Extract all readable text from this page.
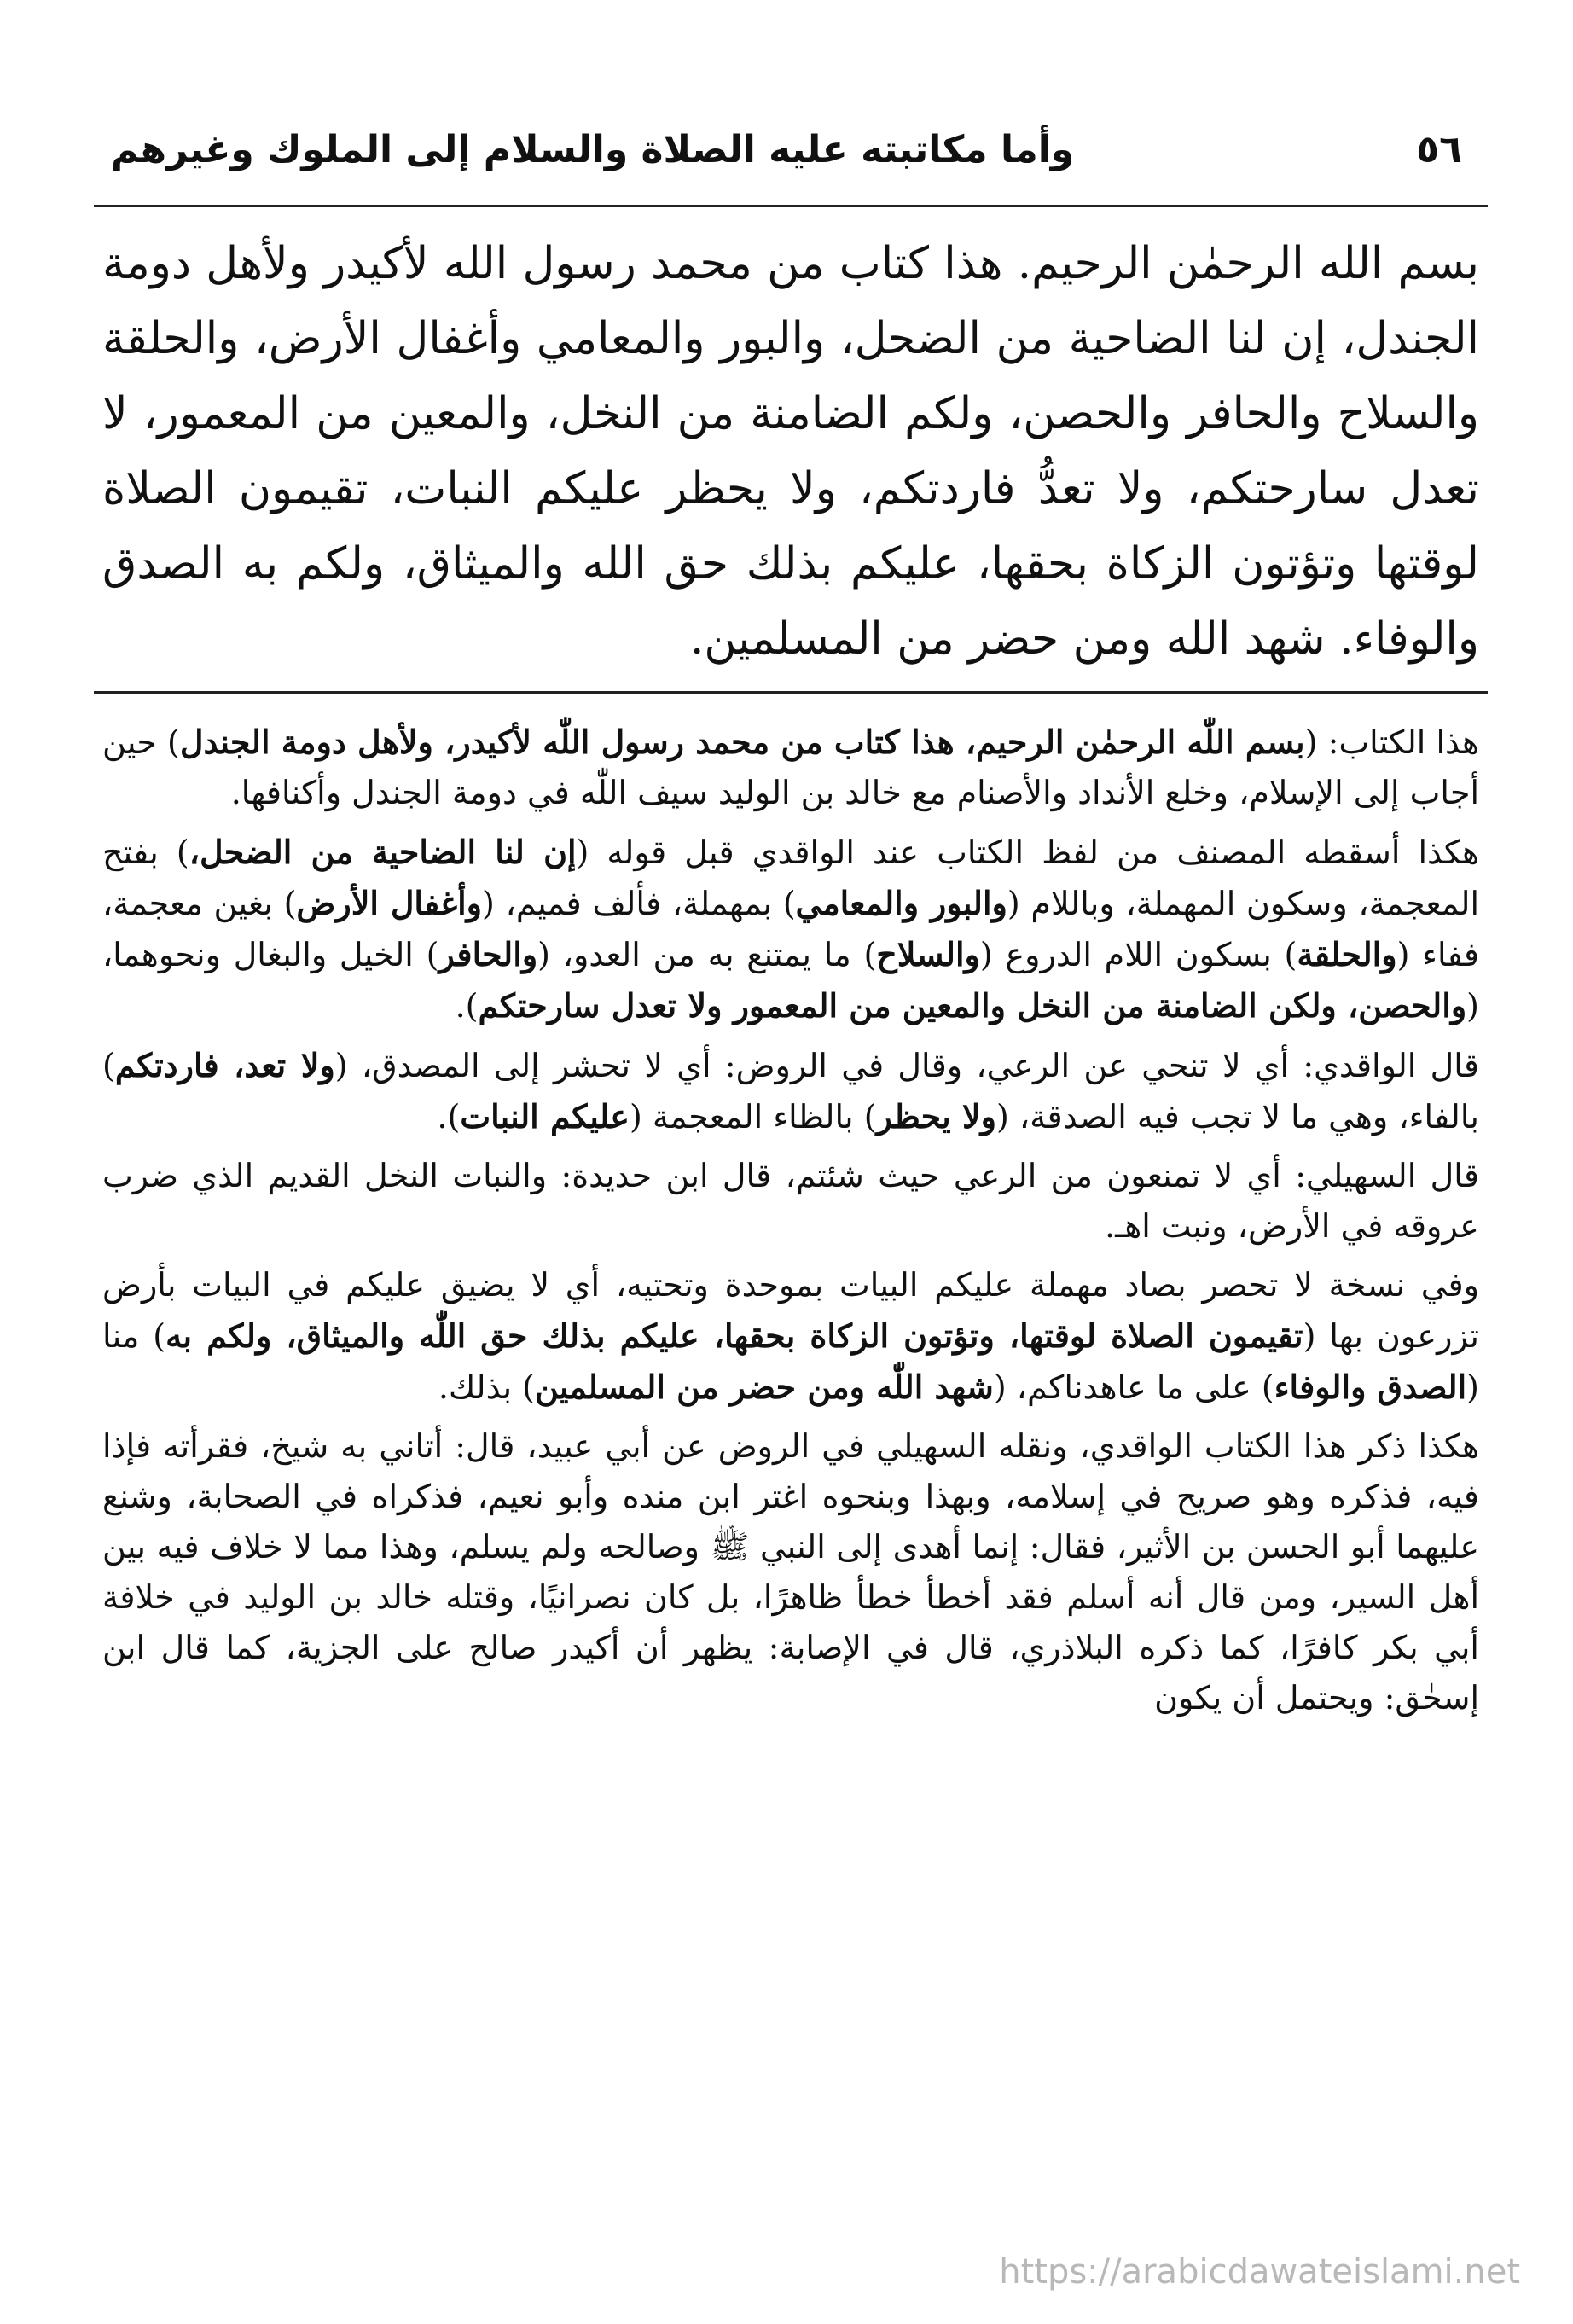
٥٦
وأما مكاتبته عليه الصلاة والسلام إلى الملوك وغيرهم

بسم الله الرحمٰن الرحيم. هذا كتاب من محمد رسول الله لأكيدر ولأهل دومة الجندل، إن لنا الضاحية من الضحل، والبور والمعامي وأغفال الأرض، والحلقة والسلاح والحافر والحصن، ولكم الضامنة من النخل، والمعين من المعمور، لا تعدل سارحتكم، ولا تعدُّ فاردتكم، ولا يحظر عليكم النبات، تقيمون الصلاة لوقتها وتؤتون الزكاة بحقها، عليكم بذلك حق الله والميثاق، ولكم به الصدق والوفاء. شهد الله ومن حضر من المسلمين.

هذا الكتاب: (بسم اللّٰه الرحمٰن الرحيم، هذا كتاب من محمد رسول اللّٰه لأكيدر، ولأهل دومة الجندل) حين أجاب إلى الإسلام، وخلع الأنداد والأصنام مع خالد بن الوليد سيف اللّٰه في دومة الجندل وأكنافها.

هكذا أسقطه المصنف من لفظ الكتاب عند الواقدي قبل قوله (إن لنا الضاحية من الضحل،) بفتح المعجمة، وسكون المهملة، وباللام (والبور والمعامي) بمهملة، فألف فميم، (وأغفال الأرض) بغين معجمة، ففاء (والحلقة) بسكون اللام الدروع (والسلاح) ما يمتنع به من العدو، (والحافر) الخيل والبغال ونحوهما، (والحصن، ولكن الضامنة من النخل والمعين من المعمور ولا تعدل سارحتكم).

قال الواقدي: أي لا تنحي عن الرعي، وقال في الروض: أي لا تحشر إلى المصدق، (ولا تعد، فاردتكم) بالفاء، وهي ما لا تجب فيه الصدقة، (ولا يحظر) بالظاء المعجمة (عليكم النبات).

قال السهيلي: أي لا تمنعون من الرعي حيث شئتم، قال ابن حديدة: والنبات النخل القديم الذي ضرب عروقه في الأرض، ونبت اهـ.

وفي نسخة لا تحصر بصاد مهملة عليكم البيات بموحدة وتحتيه، أي لا يضيق عليكم في البيات بأرض تزرعون بها (تقيمون الصلاة لوقتها، وتؤتون الزكاة بحقها، عليكم بذلك حق اللّٰه والميثاق، ولكم به) منا (الصدق والوفاء) على ما عاهدناكم، (شهد اللّٰه ومن حضر من المسلمين) بذلك.

هكذا ذكر هذا الكتاب الواقدي، ونقله السهيلي في الروض عن أبي عبيد، قال: أتاني به شيخ، فقرأته فإذا فيه، فذكره وهو صريح في إسلامه، وبهذا وبنحوه اغتر ابن منده وأبو نعيم، فذكراه في الصحابة، وشنع عليهما أبو الحسن بن الأثير، فقال: إنما أهدى إلى النبي ﷺ وصالحه ولم يسلم، وهذا مما لا خلاف فيه بين أهل السير، ومن قال أنه أسلم فقد أخطأ خطأ ظاهرًا، بل كان نصرانيًا، وقتله خالد بن الوليد في خلافة أبي بكر كافرًا، كما ذكره البلاذري، قال في الإصابة: يظهر أن أكيدر صالح على الجزية، كما قال ابن إسحٰق: ويحتمل أن يكون

https://arabicdawateislami.net
